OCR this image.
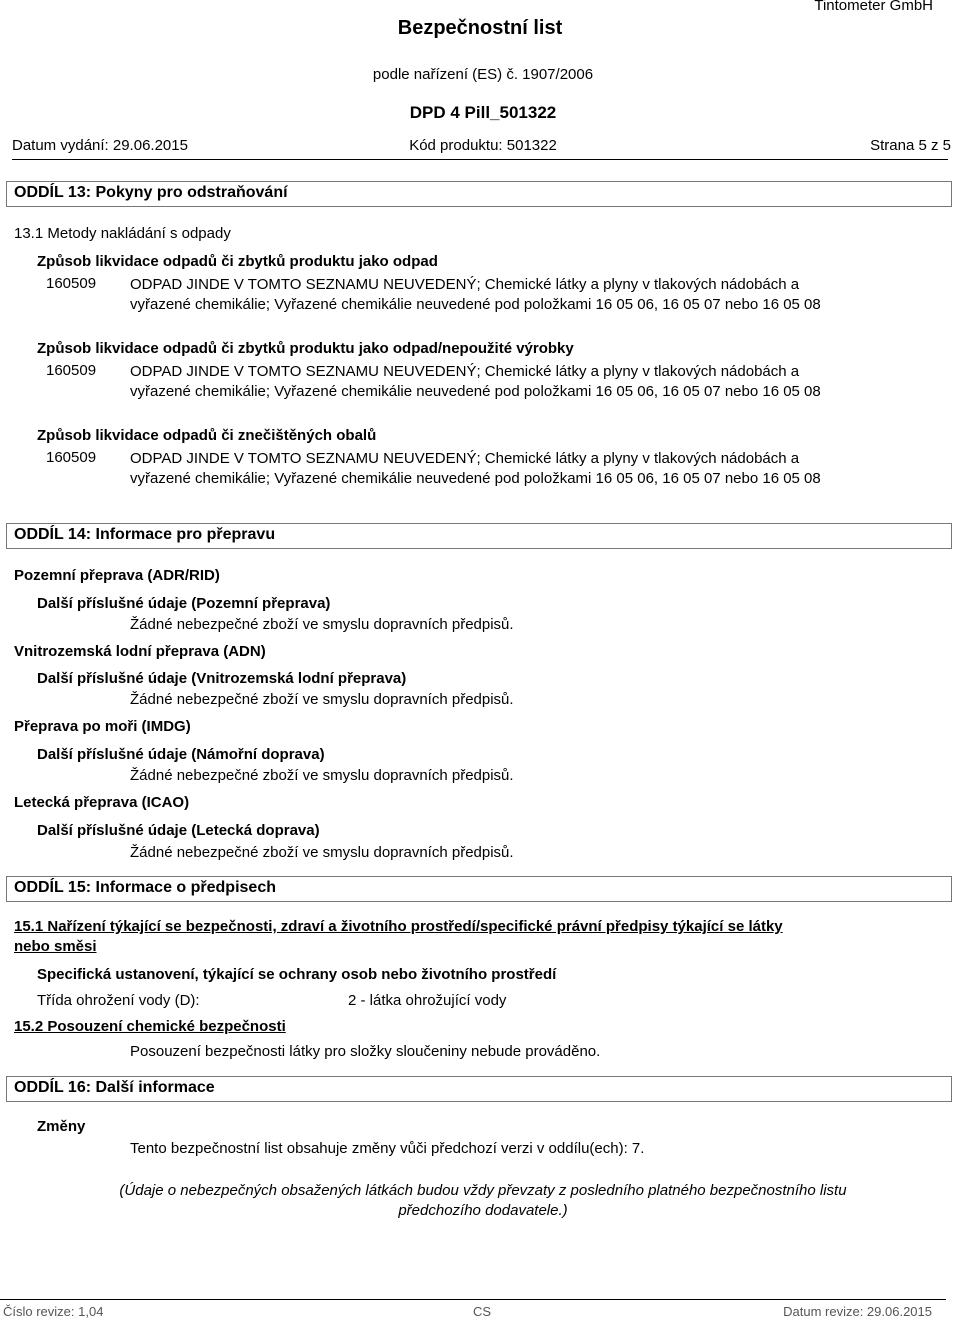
Bezpečnostní list
Tintometer GmbH
podle nařízení (ES) č. 1907/2006
DPD 4 Pill_501322
Datum vydání: 29.06.2015	Kód produktu: 501322	Strana 5 z 5
ODDÍL 13: Pokyny pro odstraňování
13.1 Metody nakládání s odpady
Způsob likvidace odpadů či zbytků produktu jako odpad
160509 ODPAD JINDE V TOMTO SEZNAMU NEUVEDENÝ; Chemické látky a plyny v tlakových nádobách a vyřazené chemikálie; Vyřazené chemikálie neuvedené pod položkami 16 05 06, 16 05 07 nebo 16 05 08
Způsob likvidace odpadů či zbytků produktu jako odpad/nepoužité výrobky
160509 ODPAD JINDE V TOMTO SEZNAMU NEUVEDENÝ; Chemické látky a plyny v tlakových nádobách a vyřazené chemikálie; Vyřazené chemikálie neuvedené pod položkami 16 05 06, 16 05 07 nebo 16 05 08
Způsob likvidace odpadů či znečištěných obalů
160509 ODPAD JINDE V TOMTO SEZNAMU NEUVEDENÝ; Chemické látky a plyny v tlakových nádobách a vyřazené chemikálie; Vyřazené chemikálie neuvedené pod položkami 16 05 06, 16 05 07 nebo 16 05 08
ODDÍL 14: Informace pro přepravu
Pozemní přeprava (ADR/RID)
Další příslušné údaje (Pozemní přeprava)
Žádné nebezpečné zboží ve smyslu dopravních předpisů.
Vnitrozemská lodní přeprava (ADN)
Další příslušné údaje (Vnitrozemská lodní přeprava)
Žádné nebezpečné zboží ve smyslu dopravních předpisů.
Přeprava po moři (IMDG)
Další příslušné údaje (Námořní doprava)
Žádné nebezpečné zboží ve smyslu dopravních předpisů.
Letecká přeprava (ICAO)
Další příslušné údaje (Letecká doprava)
Žádné nebezpečné zboží ve smyslu dopravních předpisů.
ODDÍL 15: Informace o předpisech
15.1 Nařízení týkající se bezpečnosti, zdraví a životního prostředí/specifické právní předpisy týkající se látky
nebo směsi
Specifická ustanovení, týkající se ochrany osob nebo životního prostředí
Třída ohrožení vody (D):	2 - látka ohrožující vody
15.2 Posouzení chemické bezpečnosti
Posouzení bezpečnosti látky pro složky sloučeniny nebude prováděno.
ODDÍL 16: Další informace
Změny
Tento bezpečnostní list obsahuje změny vůči předchozí verzi v oddílu(ech): 7.
(Údaje o nebezpečných obsažených látkách budou vždy převzaty z posledního platného bezpečnostního listu
předchozího dodavatele.)
Číslo revize: 1,04	CS	Datum revize: 29.06.2015
